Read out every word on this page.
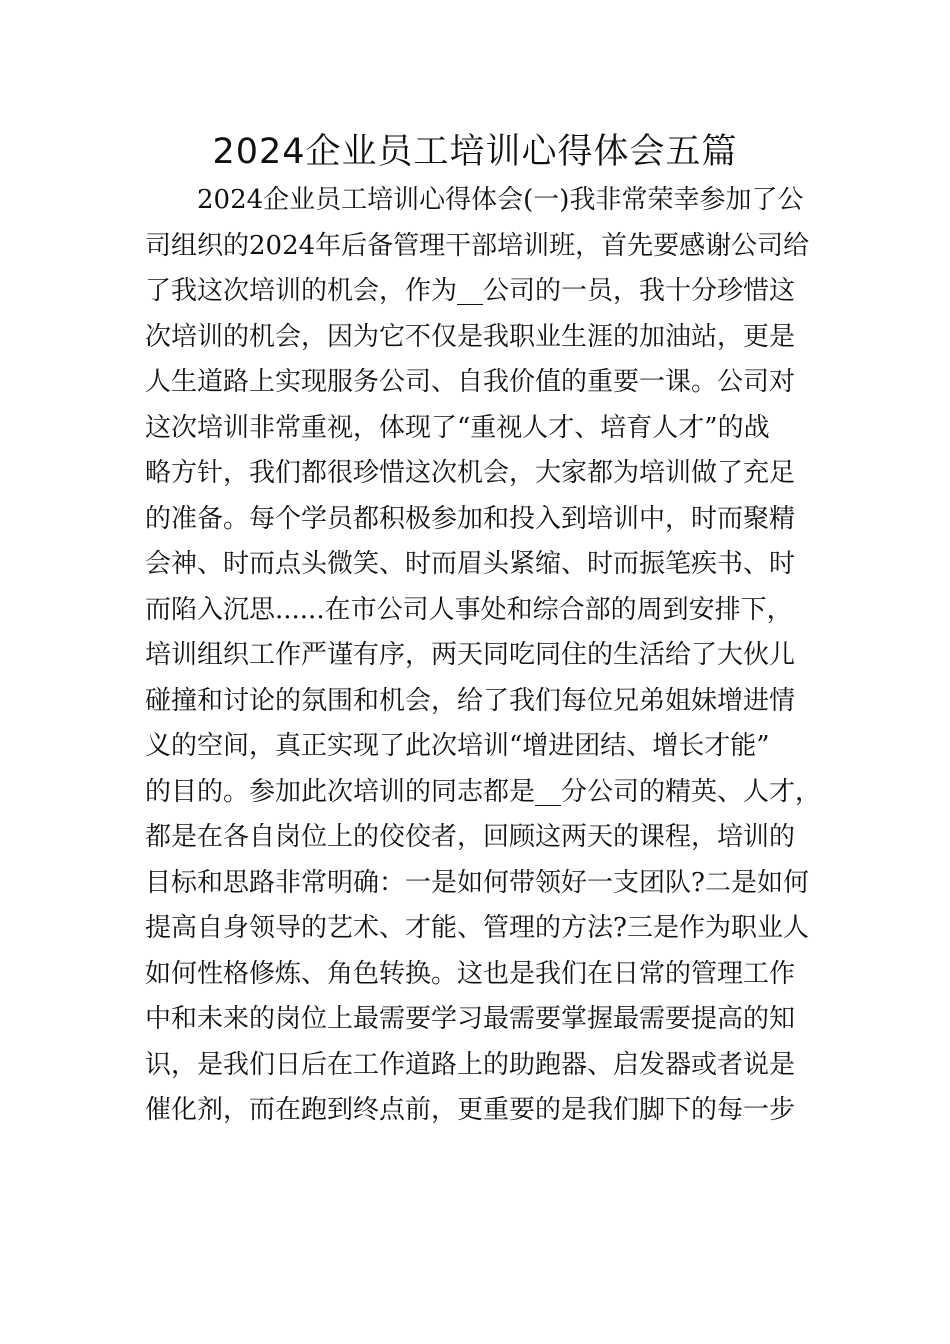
2024企业员工培训心得体会五篇
2024企业员工培训心得体会(一)我非常荣幸参加了公
司组织的2024年后备管理干部培训班，首先要感谢公司给
了我这次培训的机会，作为__公司的一员，我十分珍惜这
次培训的机会，因为它不仅是我职业生涯的加油站，更是
人生道路上实现服务公司、自我价值的重要一课。公司对
这次培训非常重视，体现了“重视人才、培育人才”的战
略方针，我们都很珍惜这次机会，大家都为培训做了充足
的准备。每个学员都积极参加和投入到培训中，时而聚精
会神、时而点头微笑、时而眉头紧缩、时而振笔疾书、时
而陷入沉思......在市公司人事处和综合部的周到安排下，
培训组织工作严谨有序，两天同吃同住的生活给了大伙儿
碰撞和讨论的氛围和机会，给了我们每位兄弟姐妹增进情
义的空间，真正实现了此次培训“增进团结、增长才能”
的目的。参加此次培训的同志都是__分公司的精英、人才，
都是在各自岗位上的佼佼者，回顾这两天的课程，培训的
目标和思路非常明确：一是如何带领好一支团队?二是如何
提高自身领导的艺术、才能、管理的方法?三是作为职业人
如何性格修炼、角色转换。这也是我们在日常的管理工作
中和未来的岗位上最需要学习最需要掌握最需要提高的知
识，是我们日后在工作道路上的助跑器、启发器或者说是
催化剂，而在跑到终点前，更重要的是我们脚下的每一步
